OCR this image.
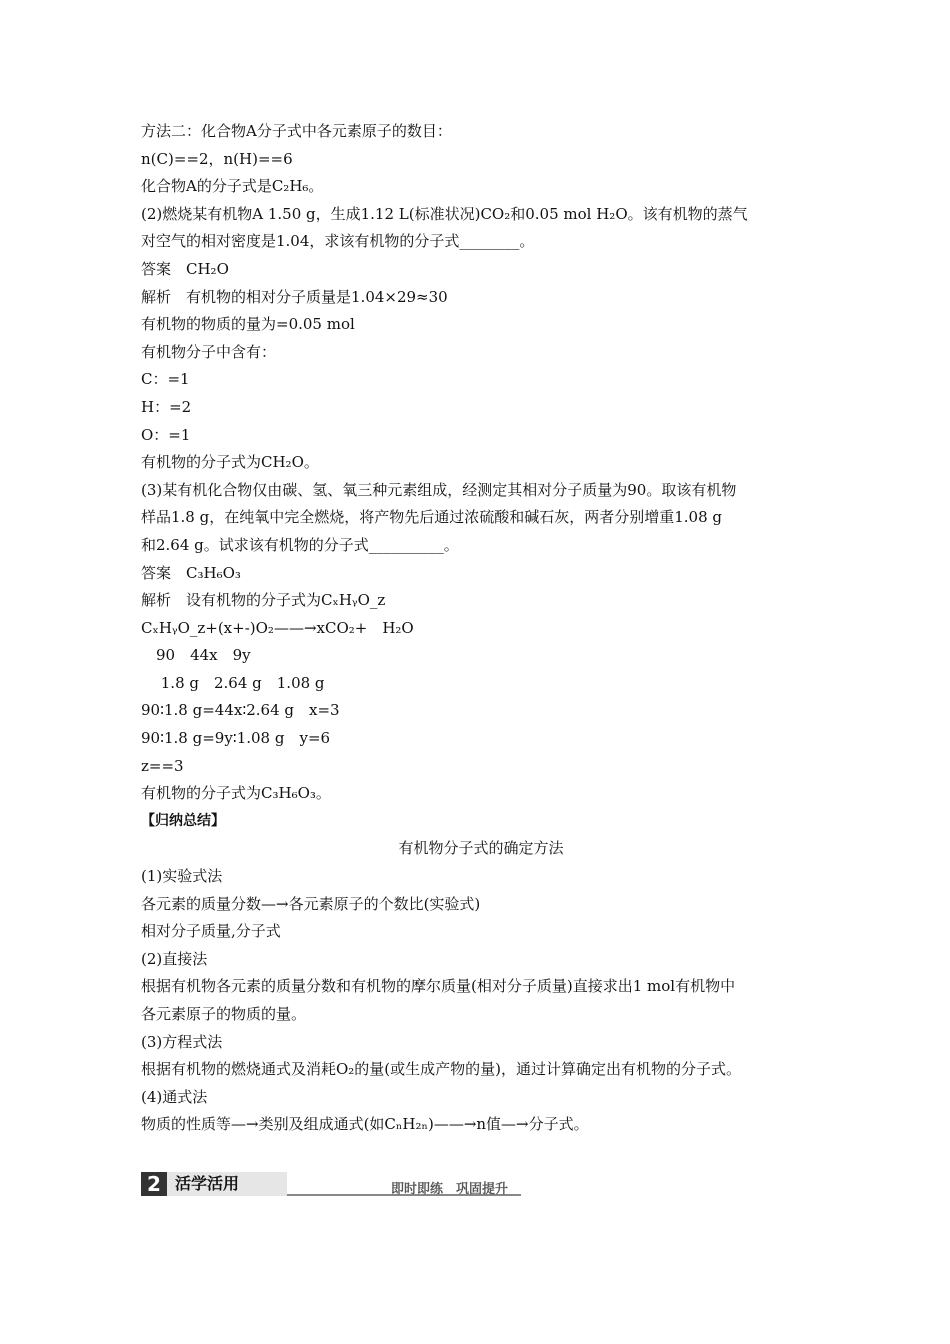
方法二：化合物A分子式中各元素原子的数目：
n(C)==2，n(H)==6
化合物A的分子式是C₂H₆。
(2)燃烧某有机物A 1.50 g，生成1.12 L(标准状况)CO₂和0.05 mol H₂O。该有机物的蒸气
对空气的相对密度是1.04，求该有机物的分子式________。
答案　CH₂O
解析　有机物的相对分子质量是1.04×29≈30
有机物的物质的量为=0.05 mol
有机物分子中含有：
C：=1
H：=2
O：=1
有机物的分子式为CH₂O。
(3)某有机化合物仅由碳、氢、氧三种元素组成，经测定其相对分子质量为90。取该有机物
样品1.8 g，在纯氧中完全燃烧，将产物先后通过浓硫酸和碱石灰，两者分别增重1.08 g
和2.64 g。试求该有机物的分子式__________。
答案　C₃H₆O₃
解析　设有机物的分子式为CₓHᵧO_z
CₓHᵧO_z+(x+-)O₂——→xCO₂+　H₂O
　90　44x　9y
　 1.8 g　2.64 g　1.08 g
90∶1.8 g=44x∶2.64 g　x=3
90∶1.8 g=9y∶1.08 g　y=6
z==3
有机物的分子式为C₃H₆O₃。
【归纳总结】
有机物分子式的确定方法
(1)实验式法
各元素的质量分数—→各元素原子的个数比(实验式)
相对分子质量,分子式
(2)直接法
根据有机物各元素的质量分数和有机物的摩尔质量(相对分子质量)直接求出1 mol有机物中
各元素原子的物质的量。
(3)方程式法
根据有机物的燃烧通式及消耗O₂的量(或生成产物的量)，通过计算确定出有机物的分子式。
(4)通式法
物质的性质等—→类别及组成通式(如CₙH₂ₙ)——→n值—→分子式。
2 活学活用	即时即练　巩固提升
